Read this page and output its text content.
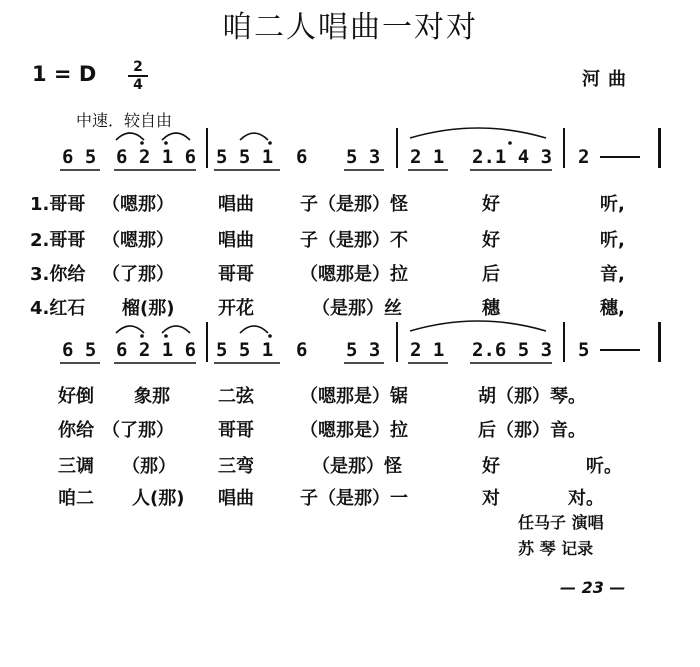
咱二人唱曲一对对
1 = D	2
4	河曲
中速．较自由
6 5 6 2 1 6 5 5 1 6 5 3 2 1 2.1 4 3 2
1.哥哥 （嗯那） 唱曲	子（是那）怪	好	听,
2.哥哥 （嗯那） 唱曲	子（是那）不	好	听,
3.你给 （了那） 哥哥	（嗯那是）拉	后	音,
4.红石 榴(那) 开花	（是那）丝	穗	穗,
6 5 6 2 1 6 5 5 1 6 5 3 2 1 2.6 5 3 5
好倒 象那	二弦	（嗯那是）锯	胡（那）琴。
你给 （了那） 哥哥	（嗯那是）拉	后（那）音。
三调 （那） 三弯	（是那）怪	好	听。
咱二 人(那) 唱曲	子（是那）一	对	对。
任马子 演唱
苏 琴 记录
— 23 —
